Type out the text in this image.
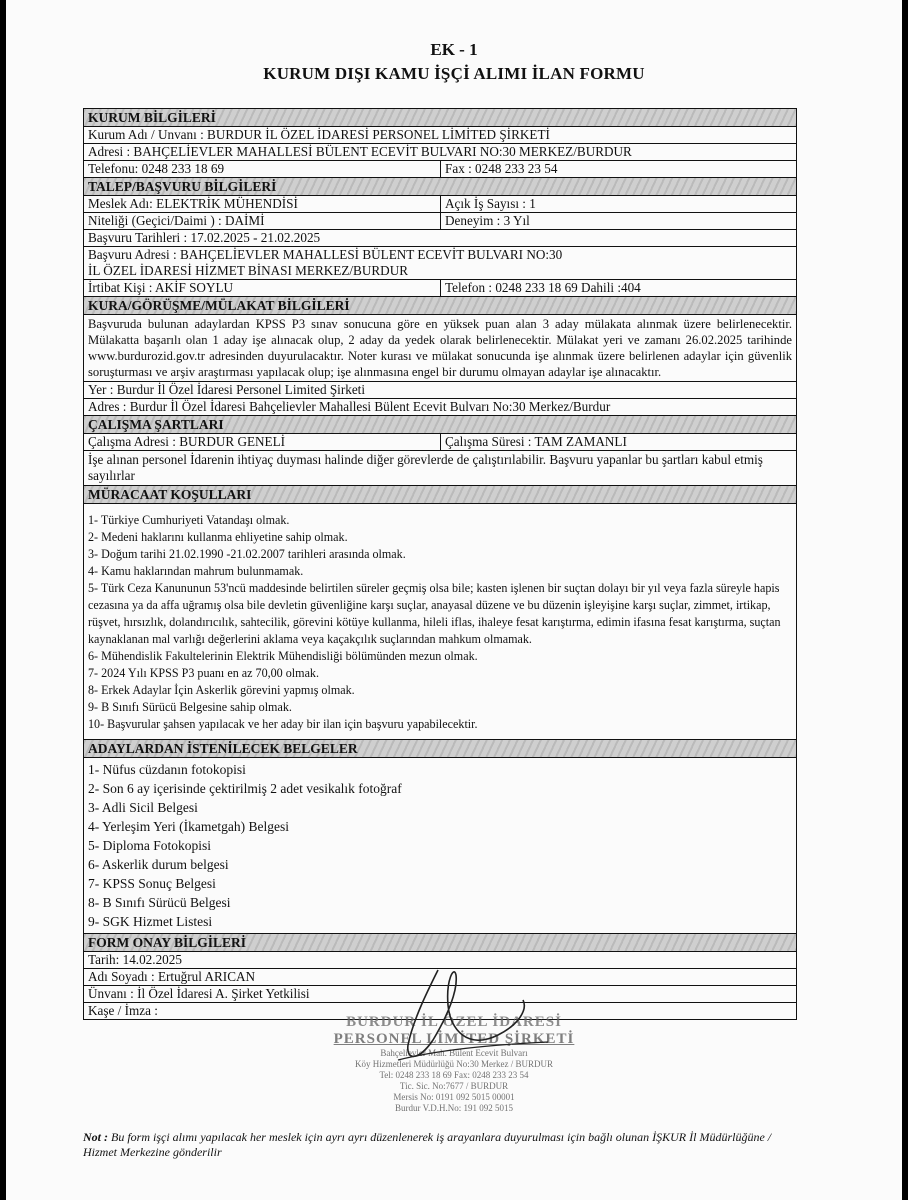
EK - 1
KURUM DIŞI KAMU İŞÇİ ALIMI İLAN FORMU
KURUM BİLGİLERİ
Kurum Adı / Unvanı : BURDUR İL ÖZEL İDARESİ PERSONEL LİMİTED ŞİRKETİ
Adresi : BAHÇELİEVLER MAHALLESİ BÜLENT ECEVİT BULVARI NO:30 MERKEZ/BURDUR
Telefonu: 0248 233 18 69	Fax : 0248 233 23 54
TALEP/BAŞVURU BİLGİLERİ
Meslek Adı: ELEKTRİK MÜHENDİSİ	Açık İş Sayısı : 1
Niteliği (Geçici/Daimi ) : DAİMİ	Deneyim : 3 Yıl
Başvuru Tarihleri : 17.02.2025 - 21.02.2025
Başvuru Adresi : BAHÇELİEVLER MAHALLESİ BÜLENT ECEVİT BULVARI NO:30
İL ÖZEL İDARESİ HİZMET BİNASI MERKEZ/BURDUR
İrtibat Kişi : AKİF SOYLU	Telefon : 0248 233 18 69 Dahili :404
KURA/GÖRÜŞME/MÜLAKAT BİLGİLERİ
Başvuruda bulunan adaylardan KPSS P3 sınav sonucuna göre en yüksek puan alan 3 aday mülakata alınmak üzere belirlenecektir. Mülakatta başarılı olan 1 aday işe alınacak olup, 2 aday da yedek olarak belirlenecektir. Mülakat yeri ve zamanı 26.02.2025 tarihinde www.burdurozid.gov.tr adresinden duyurulacaktır. Noter kurası ve mülakat sonucunda işe alınmak üzere belirlenen adaylar için güvenlik soruşturması ve arşiv araştırması yapılacak olup; işe alınmasına engel bir durumu olmayan adaylar işe alınacaktır.
Yer : Burdur İl Özel İdaresi Personel Limited Şirketi
Adres : Burdur İl Özel İdaresi Bahçelievler Mahallesi Bülent Ecevit Bulvarı No:30 Merkez/Burdur
ÇALIŞMA ŞARTLARI
Çalışma Adresi : BURDUR GENELİ	Çalışma Süresi : TAM ZAMANLI
İşe alınan personel İdarenin ihtiyaç duyması halinde diğer görevlerde de çalıştırılabilir. Başvuru yapanlar bu şartları kabul etmiş sayılırlar
MÜRACAAT KOŞULLARI
1- Türkiye Cumhuriyeti Vatandaşı olmak.
2- Medeni haklarını kullanma ehliyetine sahip olmak.
3- Doğum tarihi 21.02.1990 -21.02.2007 tarihleri arasında olmak.
4- Kamu haklarından mahrum bulunmamak.
5- Türk Ceza Kanununun 53'ncü maddesinde belirtilen süreler geçmiş olsa bile; kasten işlenen bir suçtan dolayı bir yıl veya fazla süreyle hapis cezasına ya da affa uğramış olsa bile devletin güvenliğine karşı suçlar, anayasal düzene ve bu düzenin işleyişine karşı suçlar, zimmet, irtikap, rüşvet, hırsızlık, dolandırıcılık, sahtecilik, görevini kötüye kullanma, hileli iflas, ihaleye fesat karıştırma, edimin ifasına fesat karıştırma, suçtan kaynaklanan mal varlığı değerlerini aklama veya kaçakçılık suçlarından mahkum olmamak.
6- Mühendislik Fakultelerinin Elektrik Mühendisliği bölümünden mezun olmak.
7- 2024 Yılı KPSS P3 puanı en az 70,00 olmak.
8- Erkek Adaylar İçin Askerlik görevini yapmış olmak.
9- B Sınıfı Sürücü Belgesine sahip olmak.
10- Başvurular şahsen yapılacak ve her aday bir ilan için başvuru yapabilecektir.
ADAYLARDAN İSTENİLECEK BELGELER
1- Nüfus cüzdanın fotokopisi
2- Son 6 ay içerisinde çektirilmiş 2 adet vesikalık fotoğraf
3- Adli Sicil Belgesi
4- Yerleşim Yeri (İkametgah) Belgesi
5- Diploma Fotokopisi
6- Askerlik durum belgesi
7- KPSS Sonuç Belgesi
8- B Sınıfı Sürücü Belgesi
9- SGK Hizmet Listesi
FORM ONAY BİLGİLERİ
Tarih: 14.02.2025
Adı Soyadı : Ertuğrul ARICAN
Ünvanı : İl Özel İdaresi A. Şirket Yetkilisi
Kaşe / İmza :
BURDUR İL ÖZEL İDARESİ
PERSONEL LİMİTED ŞİRKETİ
Bahçelievler Mah. Bülent Ecevit Bulvarı
Köy Hizmetleri Müdürlüğü No:30 Merkez / BURDUR
Tel: 0248 233 18 69 Fax: 0248 233 23 54
Tic. Sic. No:7677 / BURDUR
Mersis No: 0191 092 5015 00001
Burdur V.D.H.No: 191 092 5015
Not : Bu form işçi alımı yapılacak her meslek için ayrı ayrı düzenlenerek iş arayanlara duyurulması için bağlı olunan İŞKUR İl Müdürlüğüne / Hizmet Merkezine gönderilir
